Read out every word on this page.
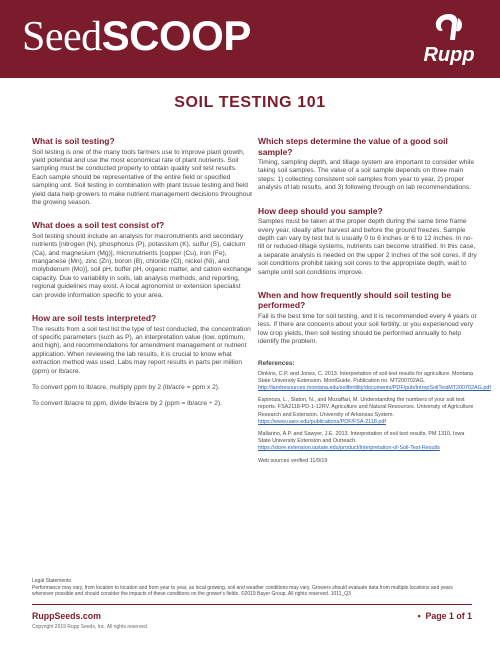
SeedSCOOP	Rupp
SOIL TESTING 101
What is soil testing?

Soil testing is one of the many tools farmers use to improve plant growth, yield potential and use the most economical rate of plant nutrients. Soil sampling must be conducted properly to obtain quality soil test results. Each sample should be representative of the entire field or specified sampling unit. Soil testing in combination with plant tissue testing and field yield data help growers to make nutrient management decisions throughout the growing season.

What does a soil test consist of?

Soil testing should include an analysis for macronutrients and secondary nutrients [nitrogen (N), phosphorus (P), potassium (K), sulfur (S), calcium (Ca), and magnesium (Mg)], micronutrients [copper (Cu), iron (Fe), manganese (Mn), zinc (Zn), boron (B), chloride (Cl), nickel (Ni), and molybdenum (Mo)], soil pH, buffer pH, organic matter, and cation exchange capacity. Due to variability in soils, lab analysis methods, and reporting, regional guidelines may exist. A local agronomist or extension specialist can provide information specific to your area.

How are soil tests interpreted?

The results from a soil test list the type of test conducted, the concentration of specific parameters (such as P), an interpretation value (low, optimum, and high), and recommendations for amendment management or nutrient application. When reviewing the lab results, it is crucial to know what extraction method was used. Labs may report results in parts per million (ppm) or lb/acre.

To convert ppm to lb/acre, multiply ppm by 2 (lb/acre = ppm x 2).

To convert lb/acre to ppm, divide lb/acre by 2 (ppm = lb/acre ÷ 2).

Which steps determine the value of a good soil sample?

Timing, sampling depth, and tillage system are important to consider while taking soil samples. The value of a soil sample depends on three main steps: 1) collecting consistent soil samples from year to year, 2) proper analysis of lab results, and 3) following through on lab recommendations.

How deep should you sample?

Samples must be taken at the proper depth during the same time frame every year, ideally after harvest and before the ground freezes. Sample depth can vary by test but is usually 0 to 6 inches or 6 to 12 inches. In no-till or reduced-tillage systems, nutrients can become stratified. In this case, a separate analysis is needed on the upper 2 inches of the soil cores. If dry soil conditions prohibit taking soil cores to the appropriate depth, wait to sample until soil conditions improve.

When and how frequently should soil testing be performed?

Fall is the best time for soil testing, and it is recommended every 4 years or less. If there are concerns about your soil fertility, or you experienced very low crop yields, then soil testing should be performed annually to help identify the problem.

References:
Dinkins, C.P. and Jones, C. 2013. Interpretation of soil test results for agriculture. Montana State University Extension. MontGuide. Publication no. MT200702AG. http://landresources.montana.edu/soilfertility/documents/PDF/pub/IntrepSoilTestMT200702AG.pdf
Espinoza, L., Slaton, N., and Mozaffari, M. Understanding the numbers of your soil test reports. FSA2118-PD-1-12RV. Agriculture and Natural Resources. University of Agriculture Research and Extension. University of Arkansas System. https://www.uaex.edu/publications/PDF/FSA-2118.pdf
Mallarino, A.P. and Sawyer, J.E. 2013. Interpretation of soil test results. PM 1310, Iowa State University Extension and Outreach. https://store.extension.iastate.edu/product/Interpretation-of-Soil-Test-Results
Web sources verified 11/9/19
Legal Statements
Performance may vary, from location to location and from year to year, as local growing, soil and weather conditions may vary. Growers should evaluate data from multiple locations and years whenever possible and should consider the impacts of these conditions on the grower's fields. ©2019 Bayer Group. All rights reserved. 1011_Q3
RuppSeeds.com
Copyright 2019 Rupp Seeds, Inc. All rights reserved.
•  Page 1 of 1
